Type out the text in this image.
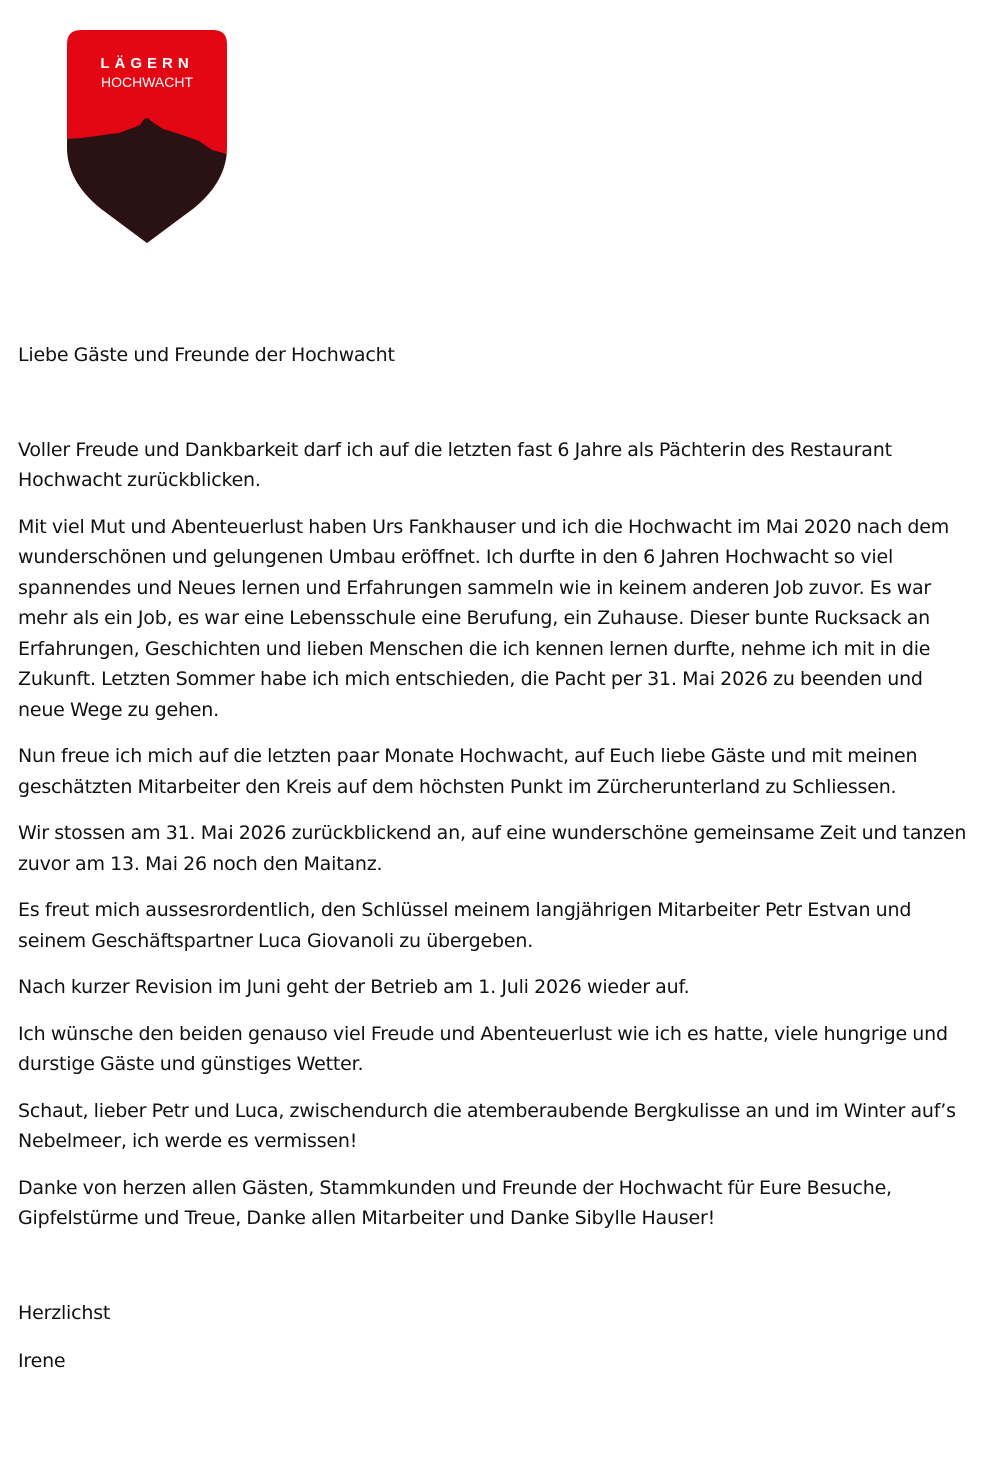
LÄGERN
HOCHWACHT

Liebe Gäste und Freunde der Hochwacht

Voller Freude und Dankbarkeit darf ich auf die letzten fast 6 Jahre als Pächterin des Restaurant Hochwacht zurückblicken.

Mit viel Mut und Abenteuerlust haben Urs Fankhauser und ich die Hochwacht im Mai 2020 nach dem wunderschönen und gelungenen Umbau eröffnet. Ich durfte in den 6 Jahren Hochwacht so viel spannendes und Neues lernen und Erfahrungen sammeln wie in keinem anderen Job zuvor. Es war mehr als ein Job, es war eine Lebensschule eine Berufung, ein Zuhause. Dieser bunte Rucksack an Erfahrungen, Geschichten und lieben Menschen die ich kennen lernen durfte, nehme ich mit in die Zukunft. Letzten Sommer habe ich mich entschieden, die Pacht per 31. Mai 2026 zu beenden und neue Wege zu gehen.

Nun freue ich mich auf die letzten paar Monate Hochwacht, auf Euch liebe Gäste und mit meinen geschätzten Mitarbeiter den Kreis auf dem höchsten Punkt im Zürcherunterland zu Schliessen.

Wir stossen am 31. Mai 2026 zurückblickend an, auf eine wunderschöne gemeinsame Zeit und tanzen zuvor am 13. Mai 26 noch den Maitanz.

Es freut mich aussesrordentlich, den Schlüssel meinem langjährigen Mitarbeiter Petr Estvan und seinem Geschäftspartner Luca Giovanoli zu übergeben.

Nach kurzer Revision im Juni geht der Betrieb am 1. Juli 2026 wieder auf.

Ich wünsche den beiden genauso viel Freude und Abenteuerlust wie ich es hatte, viele hungrige und durstige Gäste und günstiges Wetter.

Schaut, lieber Petr und Luca, zwischendurch die atemberaubende Bergkulisse an und im Winter auf’s Nebelmeer, ich werde es vermissen!

Danke von herzen allen Gästen, Stammkunden und Freunde der Hochwacht für Eure Besuche, Gipfelstürme und Treue, Danke allen Mitarbeiter und Danke Sibylle Hauser!

Herzlichst

Irene
